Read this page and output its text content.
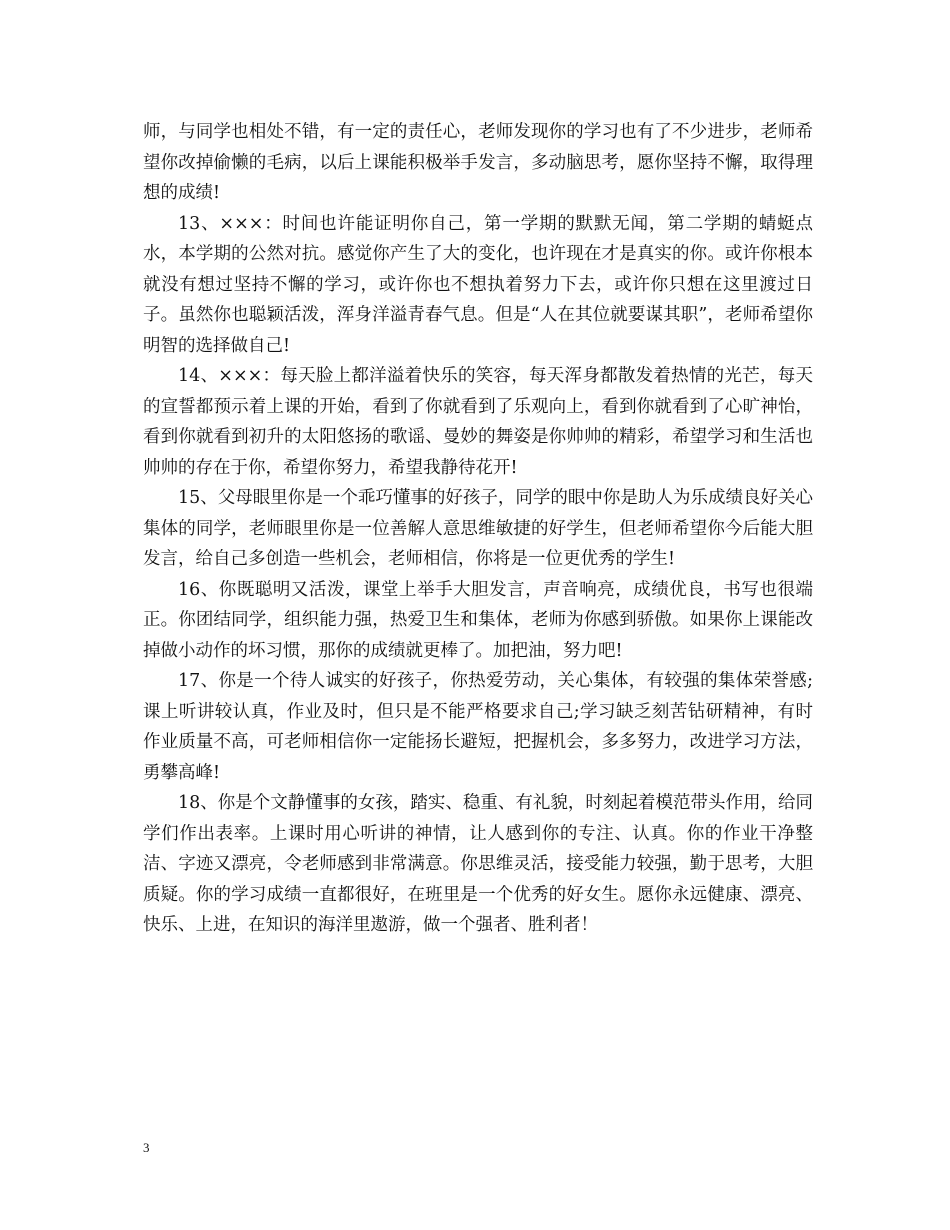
师，与同学也相处不错，有一定的责任心，老师发现你的学习也有了不少进步，老师希望你改掉偷懒的毛病，以后上课能积极举手发言，多动脑思考，愿你坚持不懈，取得理想的成绩!

13、×××：时间也许能证明你自己，第一学期的默默无闻，第二学期的蜻蜓点水，本学期的公然对抗。感觉你产生了大的变化，也许现在才是真实的你。或许你根本就没有想过坚持不懈的学习，或许你也不想执着努力下去，或许你只想在这里渡过日子。虽然你也聪颖活泼，浑身洋溢青春气息。但是“人在其位就要谋其职”，老师希望你明智的选择做自己!

14、×××：每天脸上都洋溢着快乐的笑容，每天浑身都散发着热情的光芒，每天的宣誓都预示着上课的开始，看到了你就看到了乐观向上，看到你就看到了心旷神怡，看到你就看到初升的太阳悠扬的歌谣、曼妙的舞姿是你帅帅的精彩，希望学习和生活也帅帅的存在于你，希望你努力，希望我静待花开!

15、父母眼里你是一个乖巧懂事的好孩子，同学的眼中你是助人为乐成绩良好关心集体的同学，老师眼里你是一位善解人意思维敏捷的好学生，但老师希望你今后能大胆发言，给自己多创造一些机会，老师相信，你将是一位更优秀的学生!

16、你既聪明又活泼，课堂上举手大胆发言，声音响亮，成绩优良，书写也很端正。你团结同学，组织能力强，热爱卫生和集体，老师为你感到骄傲。如果你上课能改掉做小动作的坏习惯，那你的成绩就更棒了。加把油，努力吧!

17、你是一个待人诚实的好孩子，你热爱劳动，关心集体，有较强的集体荣誉感;课上听讲较认真，作业及时，但只是不能严格要求自己;学习缺乏刻苦钻研精神，有时作业质量不高，可老师相信你一定能扬长避短，把握机会，多多努力，改进学习方法，勇攀高峰!

18、你是个文静懂事的女孩，踏实、稳重、有礼貌，时刻起着模范带头作用，给同学们作出表率。上课时用心听讲的神情，让人感到你的专注、认真。你的作业干净整洁、字迹又漂亮，令老师感到非常满意。你思维灵活，接受能力较强，勤于思考，大胆质疑。你的学习成绩一直都很好，在班里是一个优秀的好女生。愿你永远健康、漂亮、快乐、上进，在知识的海洋里遨游，做一个强者、胜利者！

3
